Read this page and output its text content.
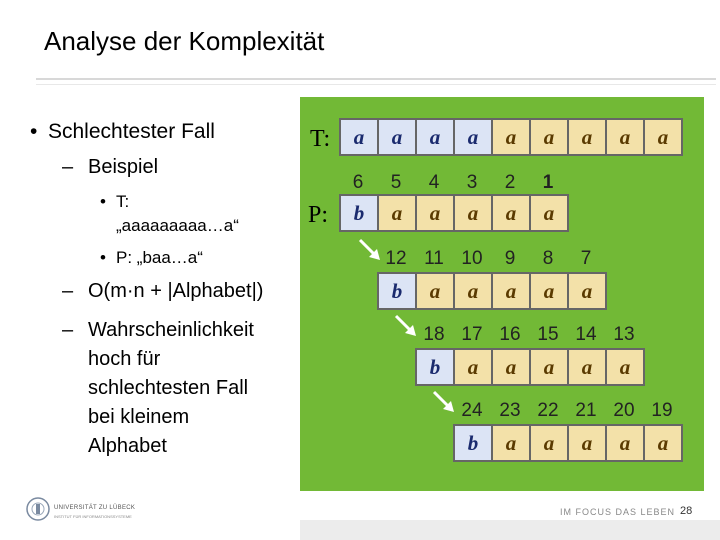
Analyse der Komplexität
• Schlechtester Fall
– Beispiel
• T:
„aaaaaaaaa…a“
• P: „baa…a“
– O(m·n + |Alphabet|)
– Wahrscheinlichkeit
hoch für
schlechtesten Fall
bei kleinem
Alphabet
T:	a	a	a	a	a	a	a	a	a
6	5	4	3	2	1
P:	b	a	a	a	a	a
12 11 10	9	8	7
b	a	a	a	a	a
18 17 16 15 14 13
b	a	a	a	a	a
24 23 22 21 20 19
b	a	a	a	a	a
UNIVERSITÄT ZU LÜBECK
INSTITUT FÜR INFORMATIONSSYSTEME	IM FOCUS DAS LEBEN 28
